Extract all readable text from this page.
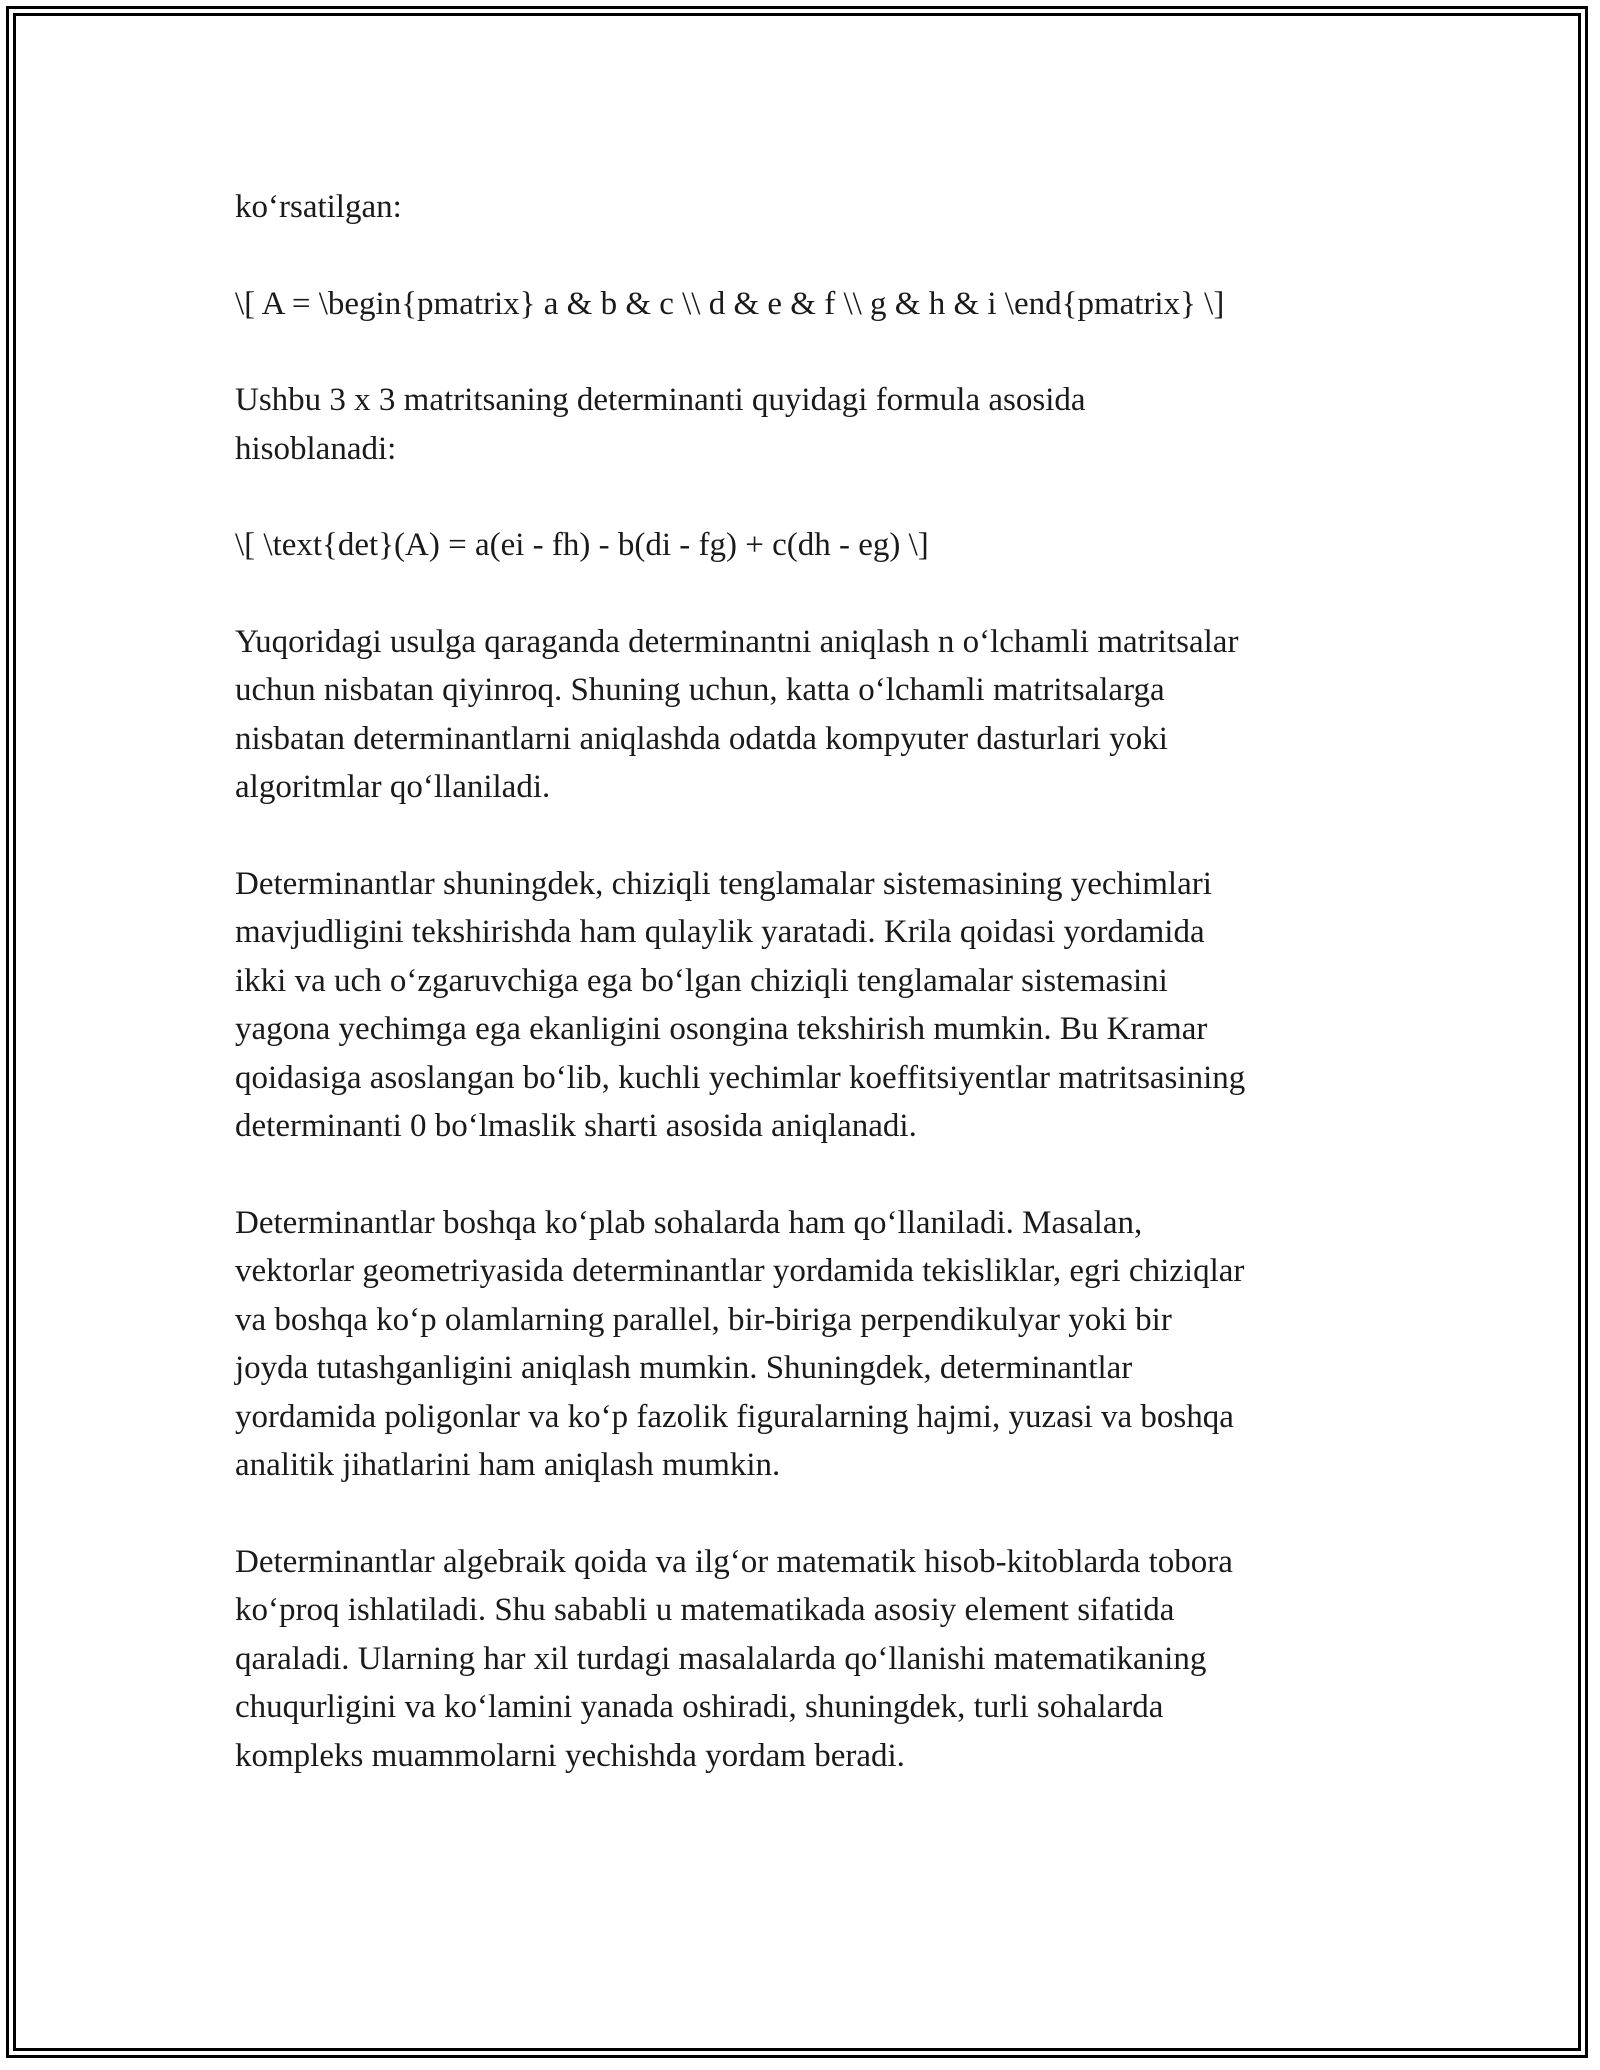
ko‘rsatilgan:

\[ A = \begin{pmatrix} a & b & c \\ d & e & f \\ g & h & i \end{pmatrix} \]

Ushbu 3 x 3 matritsaning determinanti quyidagi formula asosida
hisoblanadi:

\[ \text{det}(A) = a(ei - fh) - b(di - fg) + c(dh - eg) \]

Yuqoridagi usulga qaraganda determinantni aniqlash n o‘lchamli matritsalar
uchun nisbatan qiyinroq. Shuning uchun, katta o‘lchamli matritsalarga
nisbatan determinantlarni aniqlashda odatda kompyuter dasturlari yoki
algoritmlar qo‘llaniladi.

Determinantlar shuningdek, chiziqli tenglamalar sistemasining yechimlari
mavjudligini tekshirishda ham qulaylik yaratadi. Krila qoidasi yordamida
ikki va uch o‘zgaruvchiga ega bo‘lgan chiziqli tenglamalar sistemasini
yagona yechimga ega ekanligini osongina tekshirish mumkin. Bu Kramar
qoidasiga asoslangan bo‘lib, kuchli yechimlar koeffitsiyentlar matritsasining
determinanti 0 bo‘lmaslik sharti asosida aniqlanadi.

Determinantlar boshqa ko‘plab sohalarda ham qo‘llaniladi. Masalan,
vektorlar geometriyasida determinantlar yordamida tekisliklar, egri chiziqlar
va boshqa ko‘p olamlarning parallel, bir-biriga perpendikulyar yoki bir
joyda tutashganligini aniqlash mumkin. Shuningdek, determinantlar
yordamida poligonlar va ko‘p fazolik figuralarning hajmi, yuzasi va boshqa
analitik jihatlarini ham aniqlash mumkin.

Determinantlar algebraik qoida va ilg‘or matematik hisob-kitoblarda tobora
ko‘proq ishlatiladi. Shu sababli u matematikada asosiy element sifatida
qaraladi. Ularning har xil turdagi masalalarda qo‘llanishi matematikaning
chuqurligini va ko‘lamini yanada oshiradi, shuningdek, turli sohalarda
kompleks muammolarni yechishda yordam beradi.
